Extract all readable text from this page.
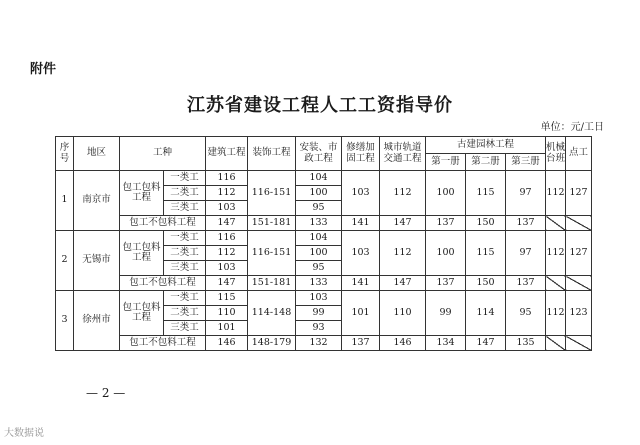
附件
江苏省建设工程人工工资指导价
单位：元/工日
序号	地区	工种		建筑工程	装饰工程	安装、市政工程	修缮加固工程	城市轨道交通工程	古建园林工程			机械台班	点工
									第一册	第二册	第三册		
1	南京市	包工包料工程	一类工	116	116-151	104	103	112	100	115	97	112	127
			二类工	112		100							
			三类工	103		95							
		包工不包料工程		147	151-181	133	141	147	137	150	137		
2	无锡市	包工包料工程	一类工	116	116-151	104	103	112	100	115	97	112	127
			二类工	112		100							
			三类工	103		95							
		包工不包料工程		147	151-181	133	141	147	137	150	137		
3	徐州市	包工包料工程	一类工	115	114-148	103	101	110	99	114	95	112	123
			二类工	110		99							
			三类工	101		93							
		包工不包料工程		146	148-179	132	137	146	134	147	135		
— 2 —
大数据说
